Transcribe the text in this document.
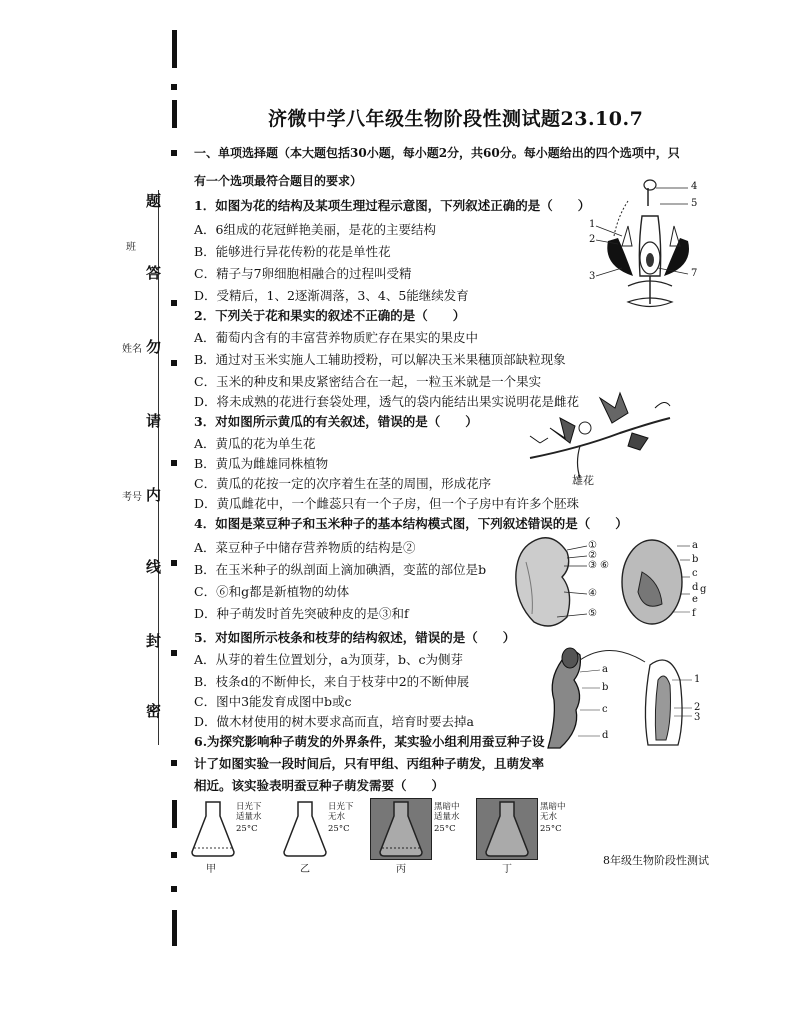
题
答
勿
请
内
线
封
密
班
姓名
考号
济微中学八年级生物阶段性测试题23.10.7
一、单项选择题（本大题包括30小题，每小题2分，共60分。每小题给出的四个选项中，只
有一个选项最符合题目的要求）
1．如图为花的结构及某项生理过程示意图，下列叙述正确的是（　　）
A．6组成的花冠鲜艳美丽，是花的主要结构
B．能够进行异花传粉的花是单性花
C．精子与7卵细胞相融合的过程叫受精
D．受精后，1、2逐渐凋落，3、4、5能继续发育
2．下列关于花和果实的叙述不正确的是（　　）
A．葡萄内含有的丰富营养物质贮存在果实的果皮中
B．通过对玉米实施人工辅助授粉，可以解决玉米果穗顶部缺粒现象
C．玉米的种皮和果皮紧密结合在一起，一粒玉米就是一个果实
D．将未成熟的花进行套袋处理，透气的袋内能结出果实说明花是雌花
3．对如图所示黄瓜的有关叙述，错误的是（　　）
A．黄瓜的花为单生花
B．黄瓜为雌雄同株植物
C．黄瓜的花按一定的次序着生在茎的周围，形成花序
D．黄瓜雌花中，一个雌蕊只有一个子房，但一个子房中有许多个胚珠
4．如图是菜豆种子和玉米种子的基本结构模式图，下列叙述错误的是（　　）
A．菜豆种子中储存营养物质的结构是②
B．在玉米种子的纵剖面上滴加碘酒，变蓝的部位是b
C．⑥和g都是新植物的幼体
D．种子萌发时首先突破种皮的是③和f
5．对如图所示枝条和枝芽的结构叙述，错误的是（　　）
A．从芽的着生位置划分，a为顶芽，b、c为侧芽
B．枝条d的不断伸长，来自于枝芽中2的不断伸展
C．图中3能发育成图中b或c
D．做木材使用的树木要求高而直，培育时要去掉a
6.为探究影响种子萌发的外界条件，某实验小组利用蚕豆种子设
计了如图实验一段时间后，只有甲组、丙组种子萌发，且萌发率
相近。该实验表明蚕豆种子萌发需要（　　）
4
5
1
2
3	7
雄花
①
②
③
④
⑤
⑥
a
b
c
d
e
f
g
a
b
c
d
1
2
3
日光下
适量水
25°C
甲
日光下
无水
25°C
乙
黑暗中
适量水
25°C
丙
黑暗中
无水
25°C
丁
8年级生物阶段性测试
